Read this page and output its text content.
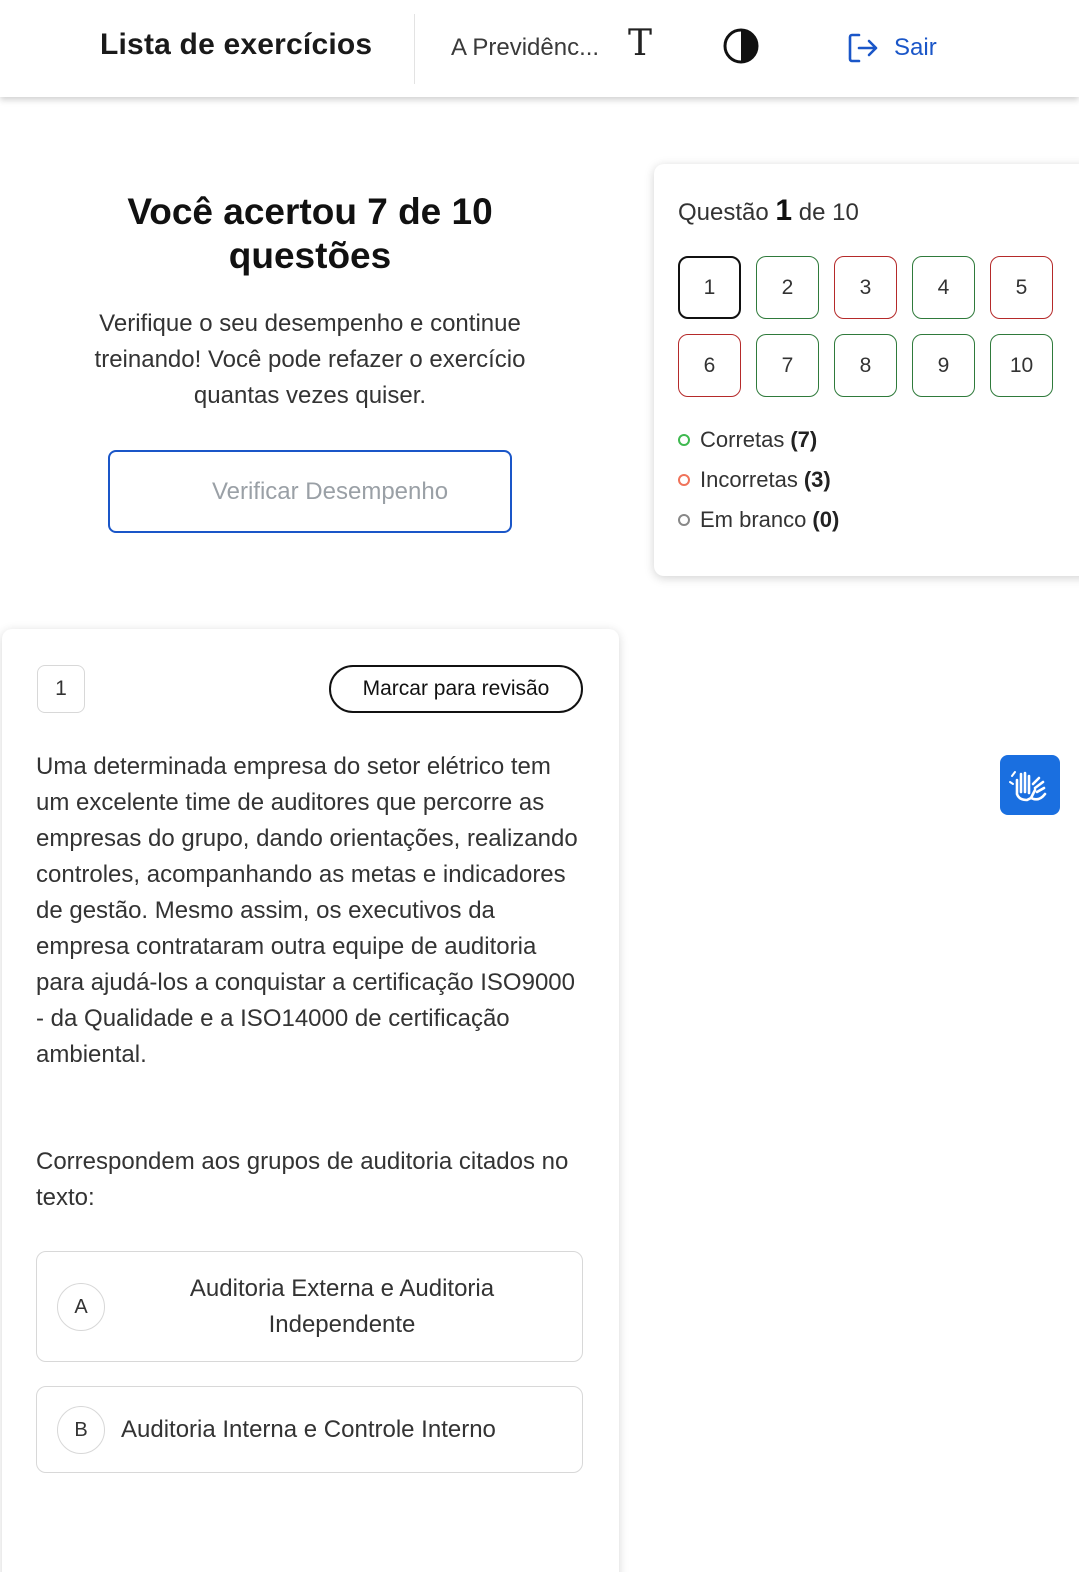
Lista de exercícios	A Previdênc... T	Sair
Você acertou 7 de 10 questões
Verifique o seu desempenho e continue treinando! Você pode refazer o exercício quantas vezes quiser.
Verificar Desempenho
Questão 1 de 10
1	2	3	4	5
6	7	8	9	10
Corretas (7)
Incorretas (3)
Em branco (0)
1	Marcar para revisão
Uma determinada empresa do setor elétrico tem um excelente time de auditores que percorre as empresas do grupo, dando orientações, realizando controles, acompanhando as metas e indicadores de gestão. Mesmo assim, os executivos da empresa contrataram outra equipe de auditoria para ajudá-los a conquistar a certificação ISO9000 - da Qualidade e a ISO14000 de certificação ambiental.
Correspondem aos grupos de auditoria citados no texto:
A
Auditoria Externa e Auditoria Independente
B	Auditoria Interna e Controle Interno
